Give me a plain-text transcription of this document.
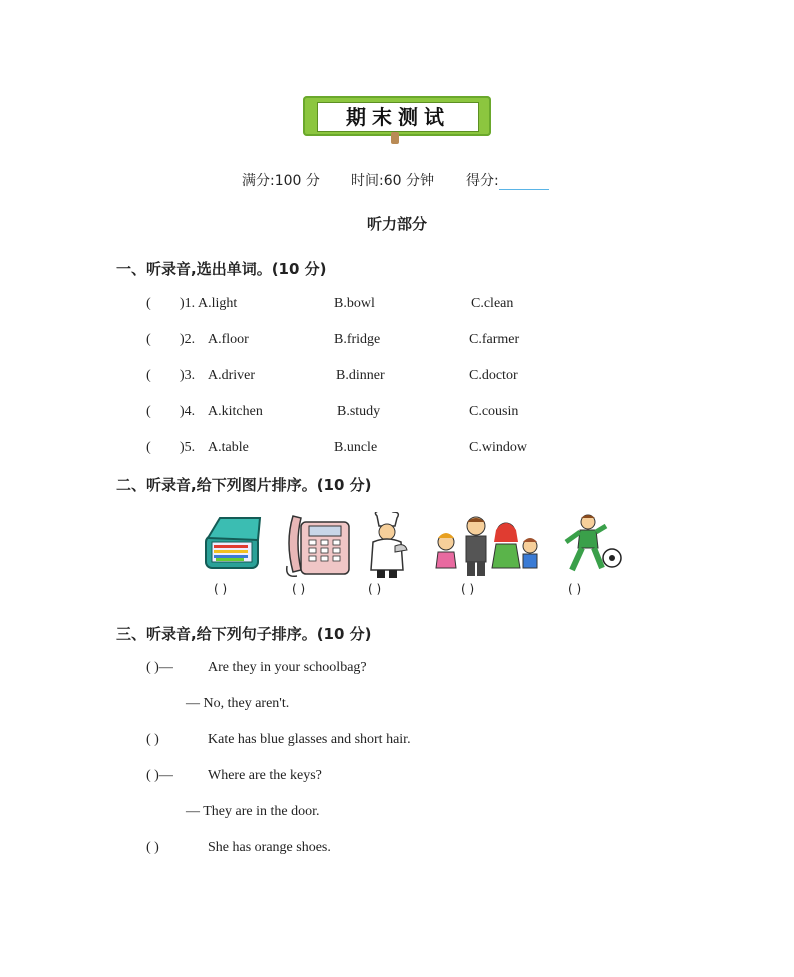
期末测试
满分:100 分 时间:60 分钟 得分:
听力部分
一、听录音,选出单词。(10 分)
( )1. A.light	B.bowl	C.clean
( )2. A.floor	B.fridge	C.farmer
( )3. A.driver	B.dinner	C.doctor
( )4. A.kitchen	B.study	C.cousin
( )5. A.table	B.uncle	C.window
二、听录音,给下列图片排序。(10 分)
( )	( )	( )	( )	( )
三、听录音,给下列句子排序。(10 分)
( )—	Are they in your schoolbag?
— No, they aren't.
( )	Kate has blue glasses and short hair.
( )—	Where are the keys?
— They are in the door.
( )	She has orange shoes.
